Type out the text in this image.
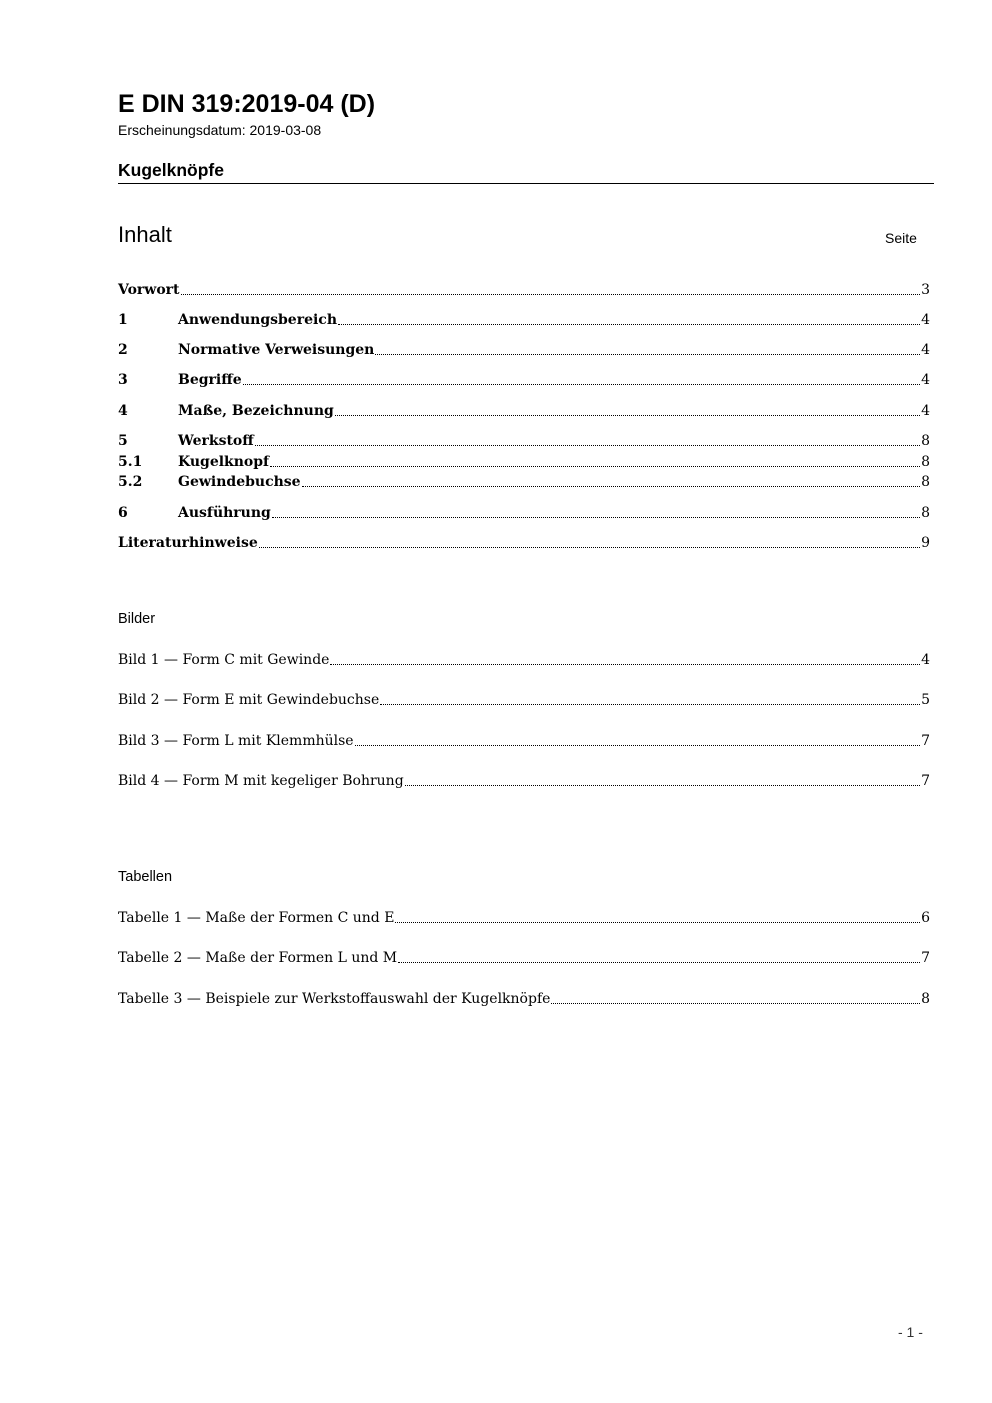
E DIN 319:2019-04 (D)
Erscheinungsdatum: 2019-03-08
Kugelknöpfe
Inhalt	Seite
Vorwort	3
1	Anwendungsbereich	4
2	Normative Verweisungen	4
3	Begriffe	4
4	Maße, Bezeichnung	4
5	Werkstoff	8
5.1	Kugelknopf	8
5.2	Gewindebuchse	8
6	Ausführung	8
Literaturhinweise	9
Bilder
Bild 1 — Form C mit Gewinde	4
Bild 2 — Form E mit Gewindebuchse	5
Bild 3 — Form L mit Klemmhülse	7
Bild 4 — Form M mit kegeliger Bohrung	7
Tabellen
Tabelle 1 — Maße der Formen C und E	6
Tabelle 2 — Maße der Formen L und M	7
Tabelle 3 — Beispiele zur Werkstoffauswahl der Kugelknöpfe	8
- 1 -
